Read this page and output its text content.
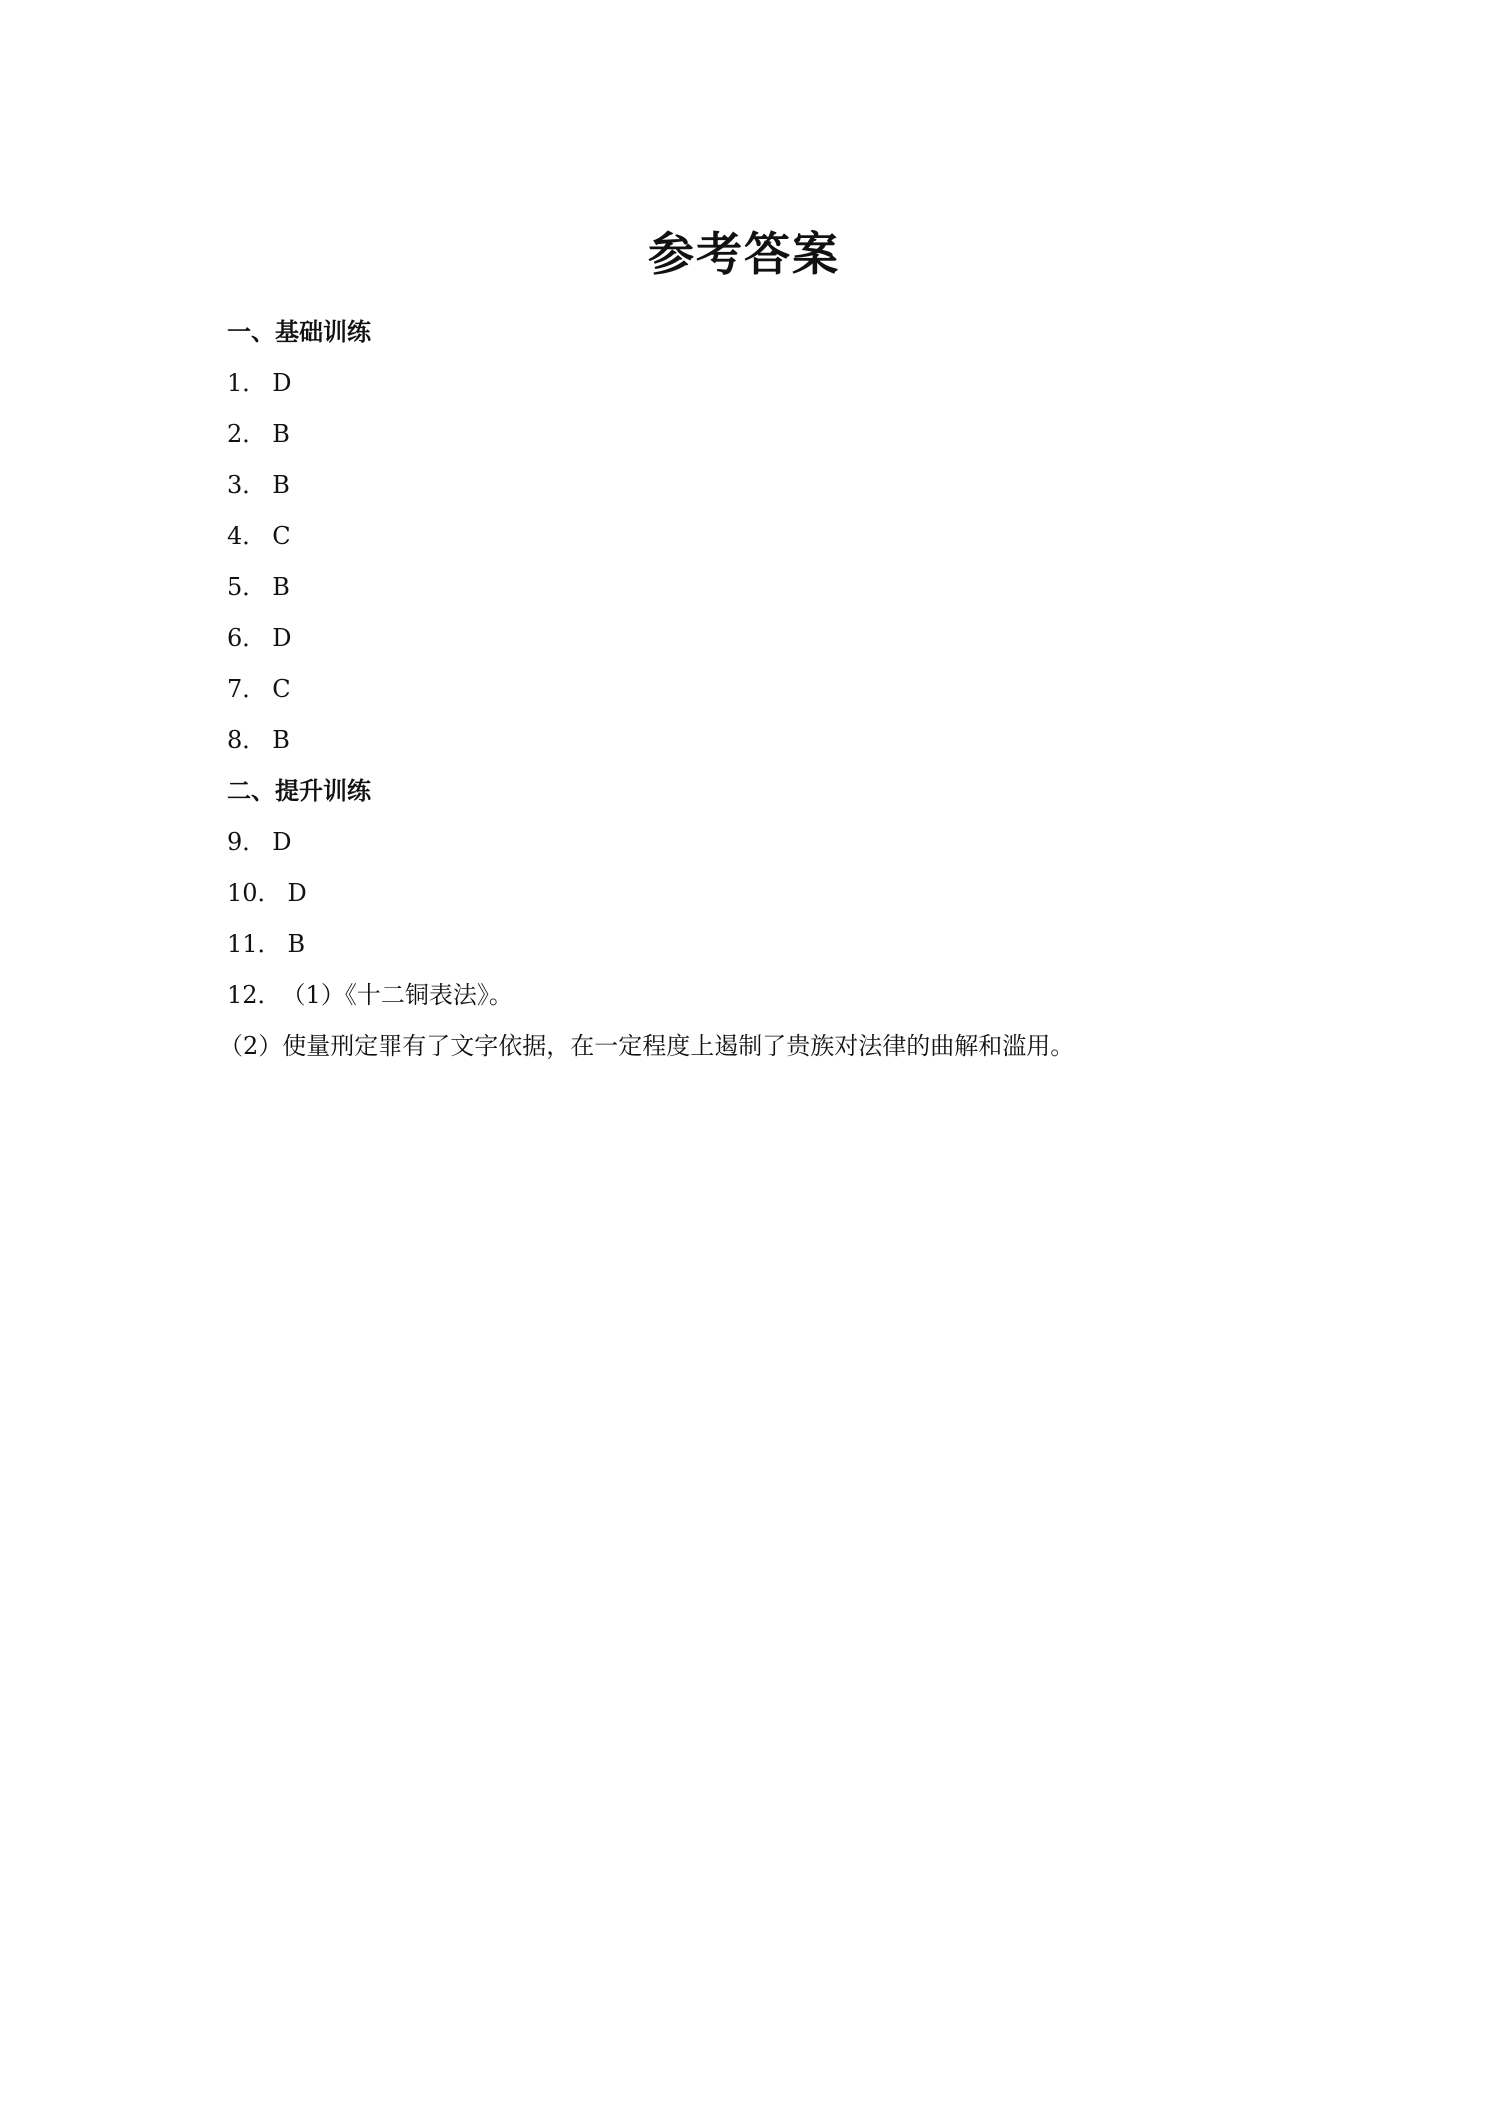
参考答案
一、基础训练
1． D
2． B
3． B
4． C
5． B
6． D
7． C
8． B
二、提升训练
9． D
10． D
11． B
12．（1）《十二铜表法》。
（2）使量刑定罪有了文字依据，在一定程度上遏制了贵族对法律的曲解和滥用。
